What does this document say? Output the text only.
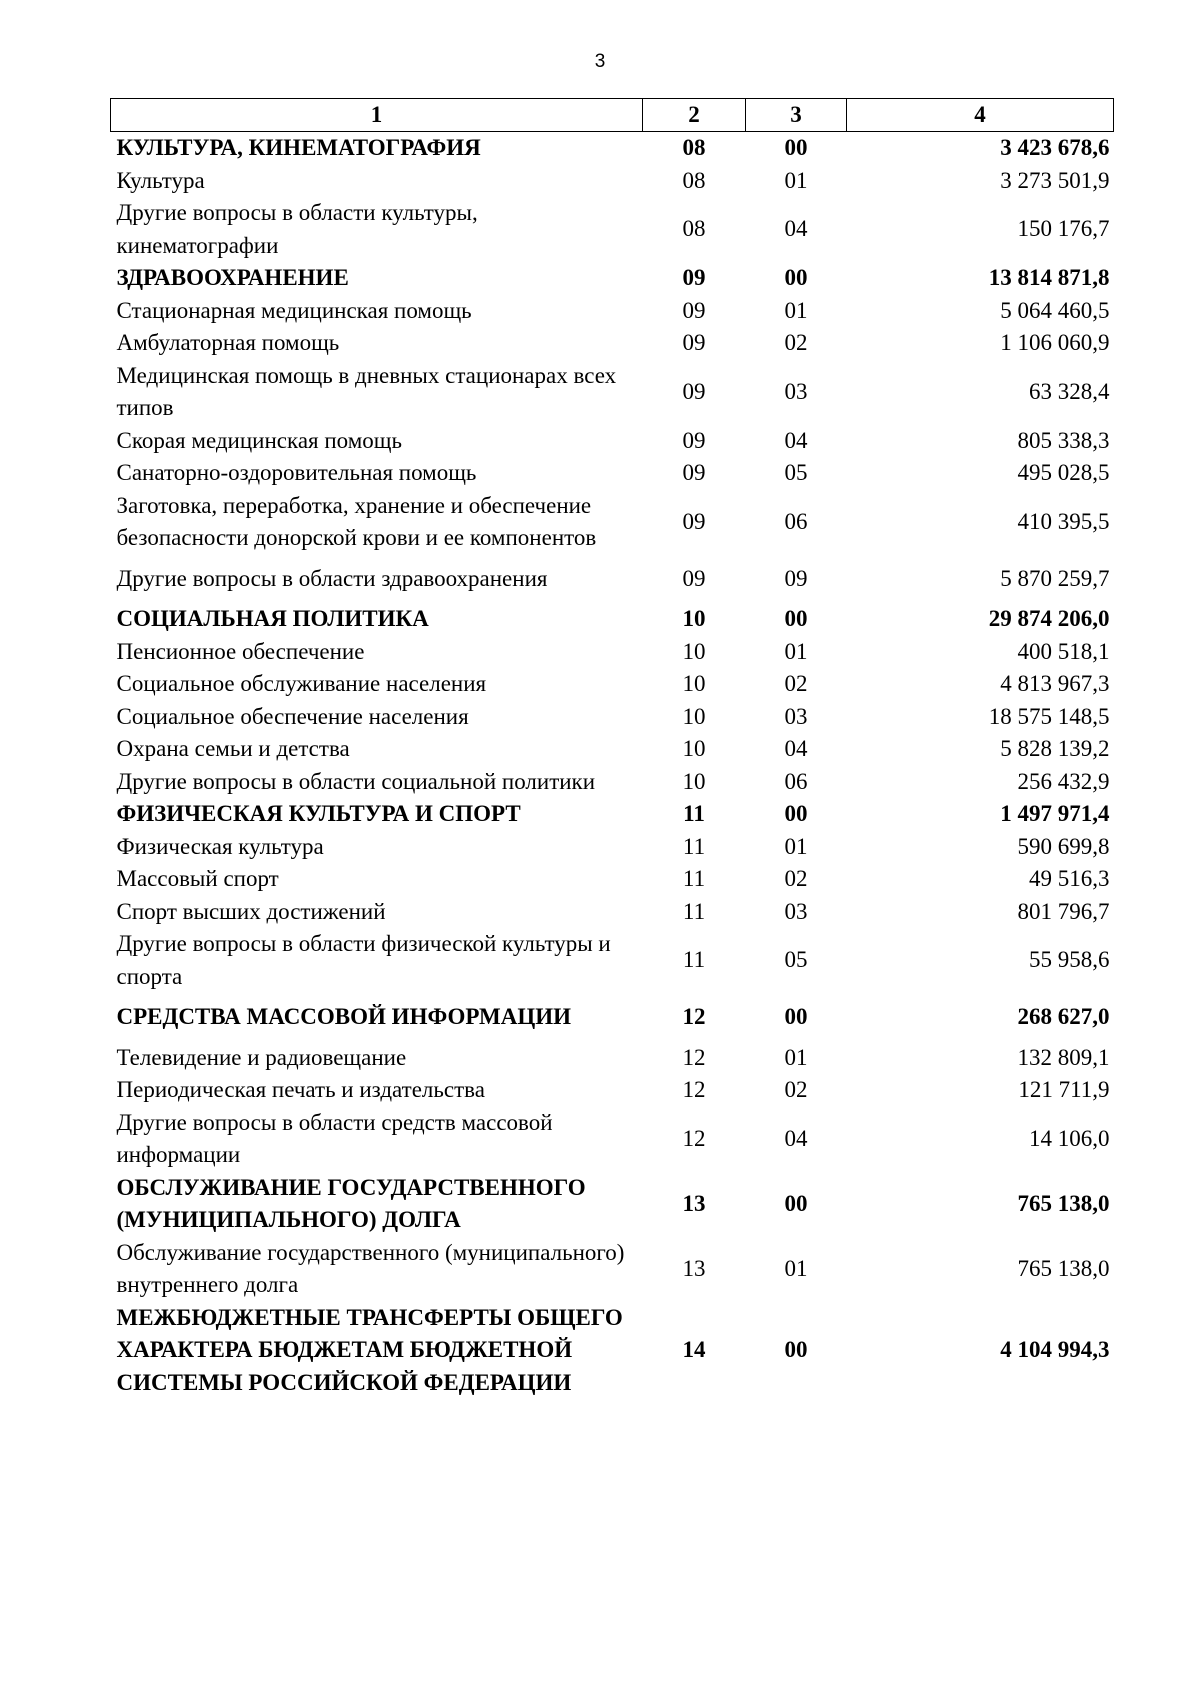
3
1	2	3	4
КУЛЬТУРА, КИНЕМАТОГРАФИЯ	08	00	3 423 678,6
Культура	08	01	3 273 501,9
Другие вопросы в области культуры, кинематографии	08	04	150 176,7
ЗДРАВООХРАНЕНИЕ	09	00	13 814 871,8
Стационарная медицинская помощь	09	01	5 064 460,5
Амбулаторная помощь	09	02	1 106 060,9
Медицинская помощь в дневных стационарах всех типов	09	03	63 328,4
Скорая медицинская помощь	09	04	805 338,3
Санаторно-оздоровительная помощь	09	05	495 028,5
Заготовка, переработка, хранение и обеспечение безопасности донорской крови и ее компонентов	09	06	410 395,5
Другие вопросы в области здравоохранения	09	09	5 870 259,7
СОЦИАЛЬНАЯ ПОЛИТИКА	10	00	29 874 206,0
Пенсионное обеспечение	10	01	400 518,1
Социальное обслуживание населения	10	02	4 813 967,3
Социальное обеспечение населения	10	03	18 575 148,5
Охрана семьи и детства	10	04	5 828 139,2
Другие вопросы в области социальной политики	10	06	256 432,9
ФИЗИЧЕСКАЯ КУЛЬТУРА И СПОРТ	11	00	1 497 971,4
Физическая культура	11	01	590 699,8
Массовый спорт	11	02	49 516,3
Спорт высших достижений	11	03	801 796,7
Другие вопросы в области физической культуры и спорта	11	05	55 958,6
СРЕДСТВА МАССОВОЙ ИНФОРМАЦИИ	12	00	268 627,0
Телевидение и радиовещание	12	01	132 809,1
Периодическая печать и издательства	12	02	121 711,9
Другие вопросы в области средств массовой информации	12	04	14 106,0
ОБСЛУЖИВАНИЕ ГОСУДАРСТВЕННОГО (МУНИЦИПАЛЬНОГО) ДОЛГА	13	00	765 138,0
Обслуживание государственного (муниципального) внутреннего долга	13	01	765 138,0
МЕЖБЮДЖЕТНЫЕ ТРАНСФЕРТЫ ОБЩЕГО ХАРАКТЕРА БЮДЖЕТАМ БЮДЖЕТНОЙ СИСТЕМЫ РОССИЙСКОЙ ФЕДЕРАЦИИ	14	00	4 104 994,3
